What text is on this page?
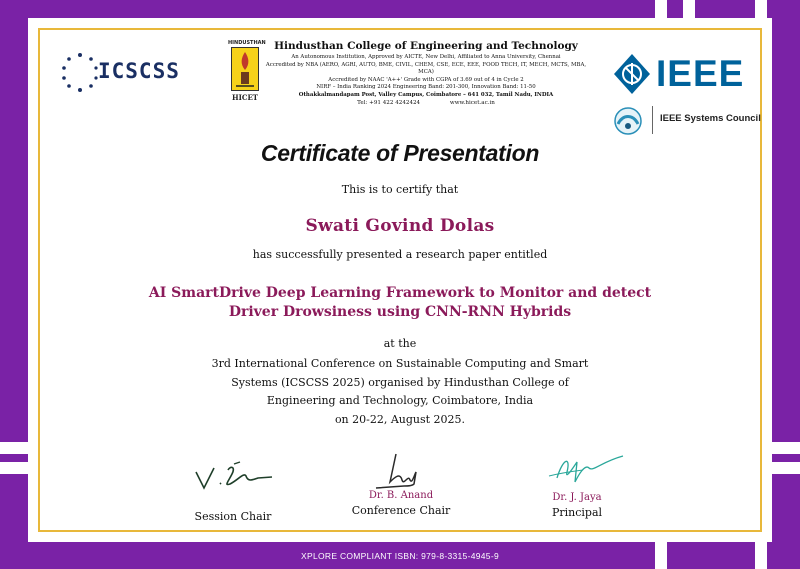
ICSCSS
HINDUSTHAN
HICET
Hindusthan College of Engineering and Technology
An Autonomous Institution, Approved by AICTE, New Delhi, Affiliated to Anna University, Chennai
Accredited by NBA (AERO, AGRI, AUTO, BME, CIVIL, CHEM, CSE, ECE, EEE, FOOD TECH, IT, MECH, MCTS, MBA, MCA)
Accredited by NAAC 'A++' Grade with CGPA of 3.69 out of 4 in Cycle 2
NIRF – India Ranking 2024 Engineering Band: 201-300, Innovation Band: 11-50
Othakkalmandapam Post, Valley Campus, Coimbatore – 641 032, Tamil Nadu, INDIA
Tel: +91 422 4242424	www.hicet.ac.in
IEEE
IEEE Systems Council
Certificate of Presentation
This is to certify that
Swati Govind Dolas
has successfully presented a research paper entitled
AI SmartDrive Deep Learning Framework to Monitor and detect
Driver Drowsiness using CNN-RNN Hybrids
at the
3rd International Conference on Sustainable Computing and Smart
Systems (ICSCSS 2025) organised by Hindusthan College of
Engineering and Technology, Coimbatore, India
on 20-22, August 2025.

Session Chair
Dr. B. Anand
Conference Chair
Dr. J. Jaya
Principal
XPLORE COMPLIANT ISBN: 979-8-3315-4945-9
